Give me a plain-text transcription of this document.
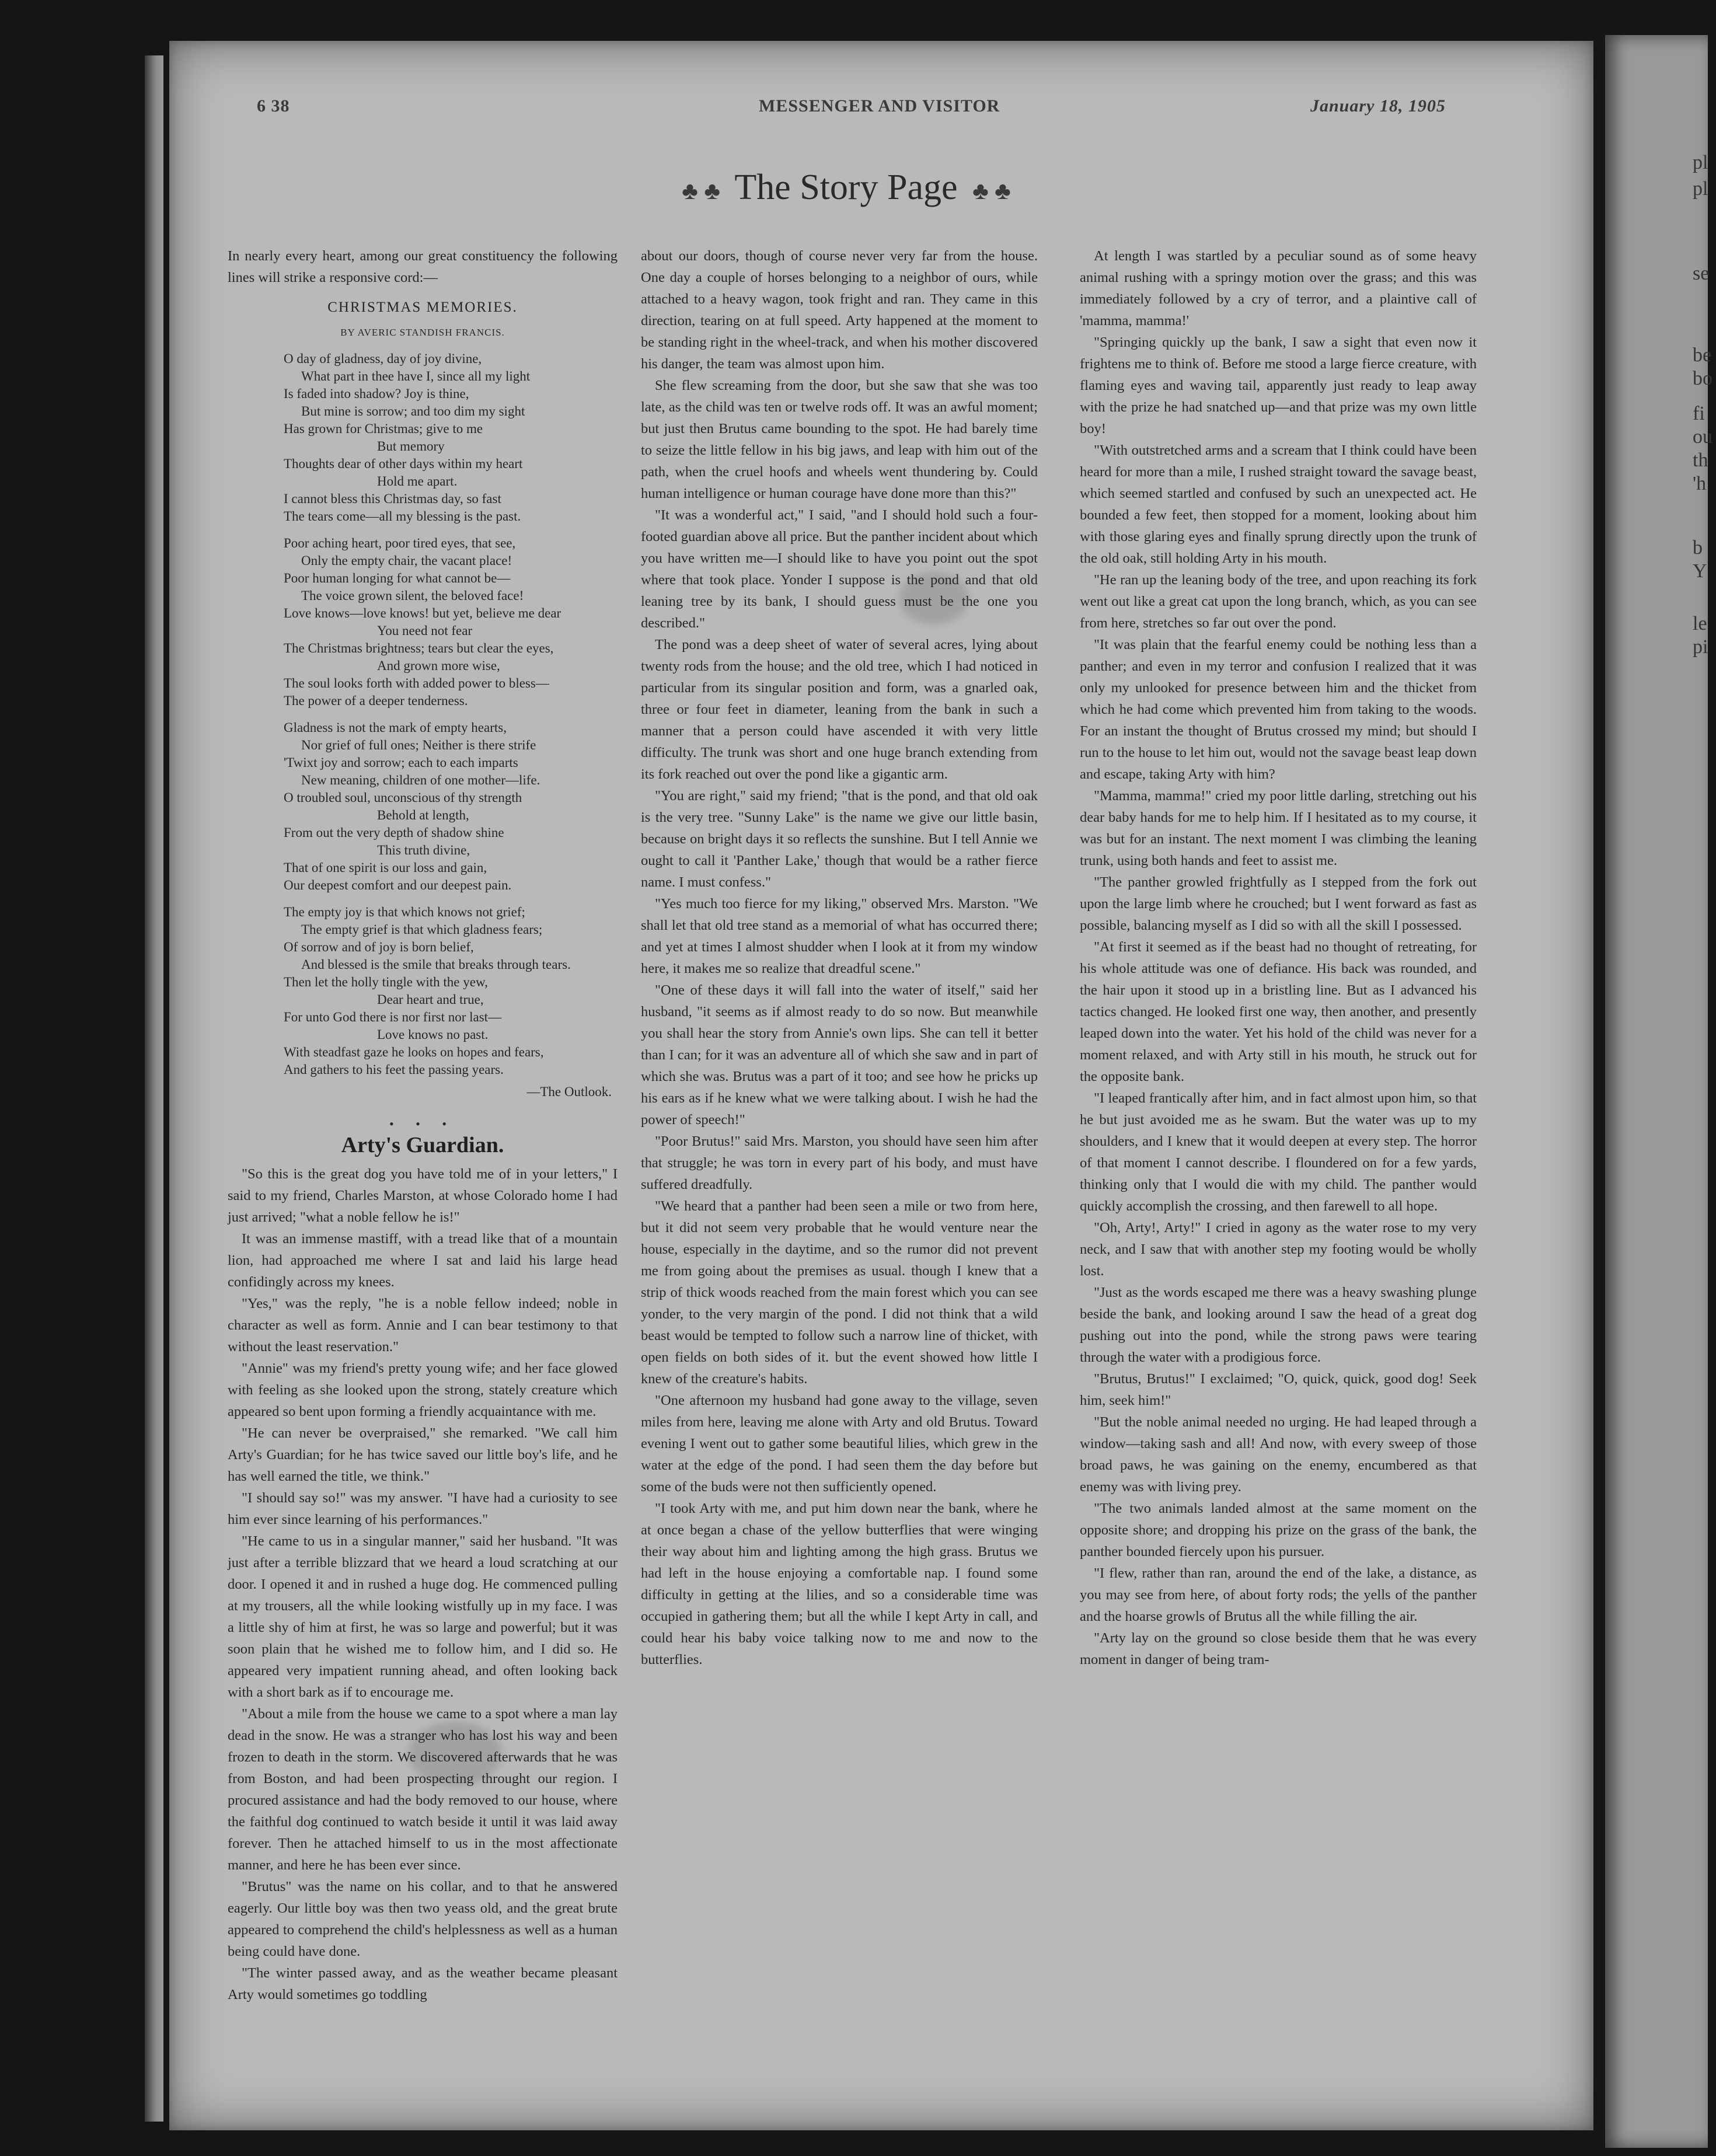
pl
pl
se
be
bo
fi
ou
th
'h
b
Y
le
pi
6 38	MESSENGER AND VISITOR	January 18, 1905
♣ ♣ The Story Page ♣ ♣

In nearly every heart, among our great constituency the following lines will strike a responsive cord:—

CHRISTMAS MEMORIES.
BY AVERIC STANDISH FRANCIS.
O day of gladness, day of joy divine,
What part in thee have I, since all my light
Is faded into shadow? Joy is thine,
But mine is sorrow; and too dim my sight
Has grown for Christmas; give to me
But memory
Thoughts dear of other days within my heart
Hold me apart.
I cannot bless this Christmas day, so fast
The tears come—all my blessing is the past.
Poor aching heart, poor tired eyes, that see,
Only the empty chair, the vacant place!
Poor human longing for what cannot be—
The voice grown silent, the beloved face!
Love knows—love knows! but yet, believe me dear
You need not fear
The Christmas brightness; tears but clear the eyes,
And grown more wise,
The soul looks forth with added power to bless—
The power of a deeper tenderness.
Gladness is not the mark of empty hearts,
Nor grief of full ones; Neither is there strife
'Twixt joy and sorrow; each to each imparts
New meaning, children of one mother—life.
O troubled soul, unconscious of thy strength
Behold at length,
From out the very depth of shadow shine
This truth divine,
That of one spirit is our loss and gain,
Our deepest comfort and our deepest pain.
The empty joy is that which knows not grief;
The empty grief is that which gladness fears;
Of sorrow and of joy is born belief,
And blessed is the smile that breaks through tears.
Then let the holly tingle with the yew,
Dear heart and true,
For unto God there is nor first nor last—
Love knows no past.
With steadfast gaze he looks on hopes and fears,
And gathers to his feet the passing years.
—The Outlook.
• • •
Arty's Guardian.

"So this is the great dog you have told me of in your letters," I said to my friend, Charles Marston, at whose Colorado home I had just arrived; "what a noble fellow he is!"

It was an immense mastiff, with a tread like that of a mountain lion, had approached me where I sat and laid his large head confidingly across my knees.

"Yes," was the reply, "he is a noble fellow indeed; noble in character as well as form. Annie and I can bear testimony to that without the least reservation."

"Annie" was my friend's pretty young wife; and her face glowed with feeling as she looked upon the strong, stately creature which appeared so bent upon forming a friendly acquaintance with me.

"He can never be overpraised," she remarked. "We call him Arty's Guardian; for he has twice saved our little boy's life, and he has well earned the title, we think."

"I should say so!" was my answer. "I have had a curiosity to see him ever since learning of his performances."

"He came to us in a singular manner," said her husband. "It was just after a terrible blizzard that we heard a loud scratching at our door. I opened it and in rushed a huge dog. He commenced pulling at my trousers, all the while looking wistfully up in my face. I was a little shy of him at first, he was so large and powerful; but it was soon plain that he wished me to follow him, and I did so. He appeared very impatient running ahead, and often looking back with a short bark as if to encourage me.

"About a mile from the house we came to a spot where a man lay dead in the snow. He was a stranger who has lost his way and been frozen to death in the storm. We discovered afterwards that he was from Boston, and had been prospecting throught our region. I procured assistance and had the body removed to our house, where the faithful dog continued to watch beside it until it was laid away forever. Then he attached himself to us in the most affectionate manner, and here he has been ever since.

"Brutus" was the name on his collar, and to that he answered eagerly. Our little boy was then two yeass old, and the great brute appeared to comprehend the child's helplessness as well as a human being could have done.

"The winter passed away, and as the weather became pleasant Arty would sometimes go toddling

about our doors, though of course never very far from the house. One day a couple of horses belonging to a neighbor of ours, while attached to a heavy wagon, took fright and ran. They came in this direction, tearing on at full speed. Arty happened at the moment to be standing right in the wheel-track, and when his mother discovered his danger, the team was almost upon him.

She flew screaming from the door, but she saw that she was too late, as the child was ten or twelve rods off. It was an awful moment; but just then Brutus came bounding to the spot. He had barely time to seize the little fellow in his big jaws, and leap with him out of the path, when the cruel hoofs and wheels went thundering by. Could human intelligence or human courage have done more than this?"

"It was a wonderful act," I said, "and I should hold such a four-footed guardian above all price. But the panther incident about which you have written me—I should like to have you point out the spot where that took place. Yonder I suppose is the pond and that old leaning tree by its bank, I should guess must be the one you described."

The pond was a deep sheet of water of several acres, lying about twenty rods from the house; and the old tree, which I had noticed in particular from its singular position and form, was a gnarled oak, three or four feet in diameter, leaning from the bank in such a manner that a person could have ascended it with very little difficulty. The trunk was short and one huge branch extending from its fork reached out over the pond like a gigantic arm.

"You are right," said my friend; "that is the pond, and that old oak is the very tree. "Sunny Lake" is the name we give our little basin, because on bright days it so reflects the sunshine. But I tell Annie we ought to call it 'Panther Lake,' though that would be a rather fierce name. I must confess."

"Yes much too fierce for my liking," observed Mrs. Marston. "We shall let that old tree stand as a memorial of what has occurred there; and yet at times I almost shudder when I look at it from my window here, it makes me so realize that dreadful scene."

"One of these days it will fall into the water of itself," said her husband, "it seems as if almost ready to do so now. But meanwhile you shall hear the story from Annie's own lips. She can tell it better than I can; for it was an adventure all of which she saw and in part of which she was. Brutus was a part of it too; and see how he pricks up his ears as if he knew what we were talking about. I wish he had the power of speech!"

"Poor Brutus!" said Mrs. Marston, you should have seen him after that struggle; he was torn in every part of his body, and must have suffered dreadfully.

"We heard that a panther had been seen a mile or two from here, but it did not seem very probable that he would venture near the house, especially in the daytime, and so the rumor did not prevent me from going about the premises as usual. though I knew that a strip of thick woods reached from the main forest which you can see yonder, to the very margin of the pond. I did not think that a wild beast would be tempted to follow such a narrow line of thicket, with open fields on both sides of it. but the event showed how little I knew of the creature's habits.

"One afternoon my husband had gone away to the village, seven miles from here, leaving me alone with Arty and old Brutus. Toward evening I went out to gather some beautiful lilies, which grew in the water at the edge of the pond. I had seen them the day before but some of the buds were not then sufficiently opened.

"I took Arty with me, and put him down near the bank, where he at once began a chase of the yellow butterflies that were winging their way about him and lighting among the high grass. Brutus we had left in the house enjoying a comfortable nap. I found some difficulty in getting at the lilies, and so a considerable time was occupied in gathering them; but all the while I kept Arty in call, and could hear his baby voice talking now to me and now to the butterflies.

At length I was startled by a peculiar sound as of some heavy animal rushing with a springy motion over the grass; and this was immediately followed by a cry of terror, and a plaintive call of 'mamma, mamma!'

"Springing quickly up the bank, I saw a sight that even now it frightens me to think of. Before me stood a large fierce creature, with flaming eyes and waving tail, apparently just ready to leap away with the prize he had snatched up—and that prize was my own little boy!

"With outstretched arms and a scream that I think could have been heard for more than a mile, I rushed straight toward the savage beast, which seemed startled and confused by such an unexpected act. He bounded a few feet, then stopped for a moment, looking about him with those glaring eyes and finally sprung directly upon the trunk of the old oak, still holding Arty in his mouth.

"He ran up the leaning body of the tree, and upon reaching its fork went out like a great cat upon the long branch, which, as you can see from here, stretches so far out over the pond.

"It was plain that the fearful enemy could be nothing less than a panther; and even in my terror and confusion I realized that it was only my unlooked for presence between him and the thicket from which he had come which prevented him from taking to the woods. For an instant the thought of Brutus crossed my mind; but should I run to the house to let him out, would not the savage beast leap down and escape, taking Arty with him?

"Mamma, mamma!" cried my poor little darling, stretching out his dear baby hands for me to help him. If I hesitated as to my course, it was but for an instant. The next moment I was climbing the leaning trunk, using both hands and feet to assist me.

"The panther growled frightfully as I stepped from the fork out upon the large limb where he crouched; but I went forward as fast as possible, balancing myself as I did so with all the skill I possessed.

"At first it seemed as if the beast had no thought of retreating, for his whole attitude was one of defiance. His back was rounded, and the hair upon it stood up in a bristling line. But as I advanced his tactics changed. He looked first one way, then another, and presently leaped down into the water. Yet his hold of the child was never for a moment relaxed, and with Arty still in his mouth, he struck out for the opposite bank.

"I leaped frantically after him, and in fact almost upon him, so that he but just avoided me as he swam. But the water was up to my shoulders, and I knew that it would deepen at every step. The horror of that moment I cannot describe. I floundered on for a few yards, thinking only that I would die with my child. The panther would quickly accomplish the crossing, and then farewell to all hope.

"Oh, Arty!, Arty!" I cried in agony as the water rose to my very neck, and I saw that with another step my footing would be wholly lost.

"Just as the words escaped me there was a heavy swashing plunge beside the bank, and looking around I saw the head of a great dog pushing out into the pond, while the strong paws were tearing through the water with a prodigious force.

"Brutus, Brutus!" I exclaimed; "O, quick, quick, good dog! Seek him, seek him!"

"But the noble animal needed no urging. He had leaped through a window—taking sash and all! And now, with every sweep of those broad paws, he was gaining on the enemy, encumbered as that enemy was with living prey.

"The two animals landed almost at the same moment on the opposite shore; and dropping his prize on the grass of the bank, the panther bounded fiercely upon his pursuer.

"I flew, rather than ran, around the end of the lake, a distance, as you may see from here, of about forty rods; the yells of the panther and the hoarse growls of Brutus all the while filling the air.

"Arty lay on the ground so close beside them that he was every moment in danger of being tram-
